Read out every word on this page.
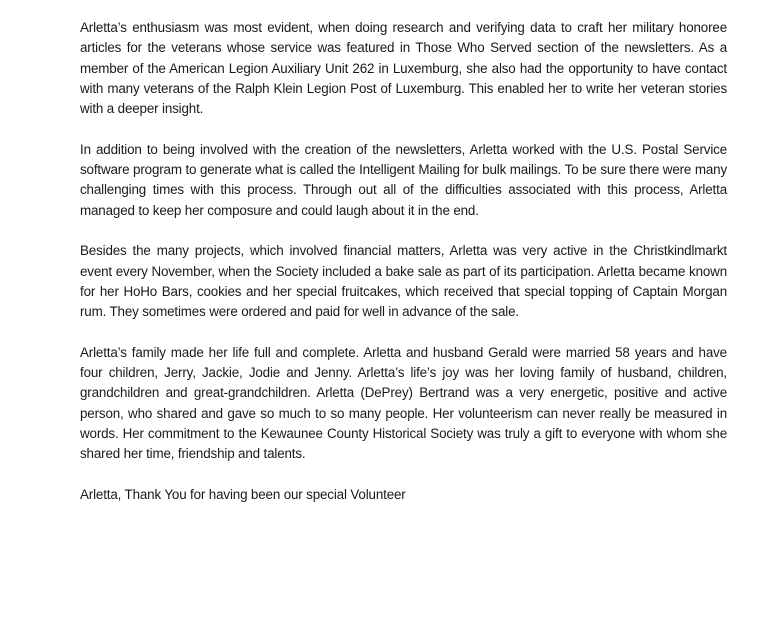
Arletta’s enthusiasm was most evident, when doing research and verifying data to craft her military honoree articles for the veterans whose service was featured in Those Who Served section of the newsletters. As a member of the American Legion Auxiliary Unit 262 in Luxemburg, she also had the opportunity to have contact with many veterans of the Ralph Klein Legion Post of Luxemburg. This enabled her to write her veteran stories with a deeper insight.

In addition to being involved with the creation of the newsletters, Arletta worked with the U.S. Postal Service software program to generate what is called the Intelligent Mailing for bulk mailings. To be sure there were many challenging times with this process. Through out all of the difficulties associated with this process, Arletta managed to keep her composure and could laugh about it in the end.

Besides the many projects, which involved financial matters, Arletta was very active in the Christkindlmarkt event every November, when the Society included a bake sale as part of its participation. Arletta became known for her HoHo Bars, cookies and her special fruitcakes, which received that special topping of Captain Morgan rum. They sometimes were ordered and paid for well in advance of the sale.

Arletta’s family made her life full and complete. Arletta and husband Gerald were married 58 years and have four children, Jerry, Jackie, Jodie and Jenny. Arletta’s life’s joy was her loving family of husband, children, grandchildren and great-grandchildren. Arletta (DePrey) Bertrand was a very energetic, positive and active person, who shared and gave so much to so many people. Her volunteerism can never really be measured in words. Her commitment to the Kewaunee County Historical Society was truly a gift to everyone with whom she shared her time, friendship and talents.

Arletta, Thank You for having been our special Volunteer
